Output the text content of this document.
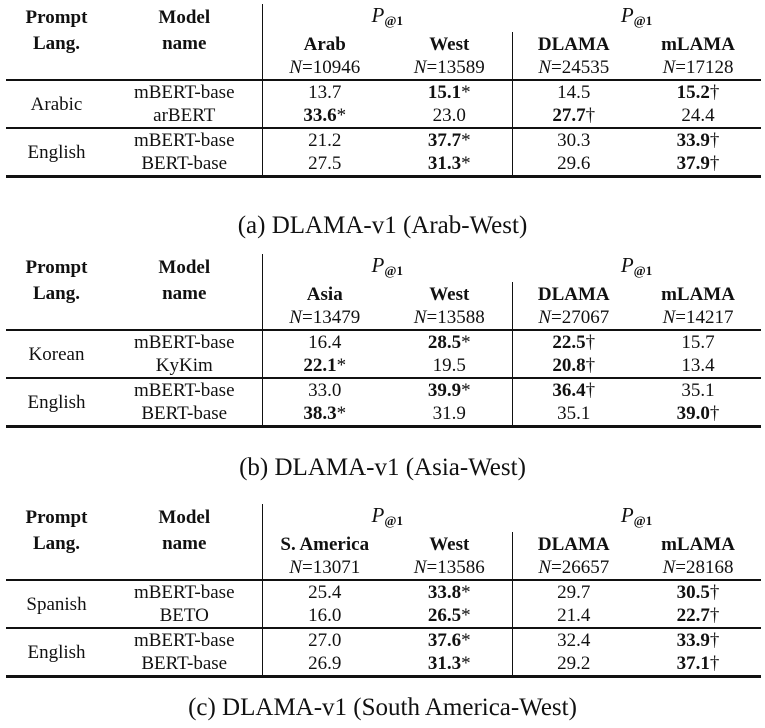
Prompt	Model	$P_{@1}$		$P_{@1}$
Lang.	name	Arab	West	DLAMA	mLAMA
		N=10946	N=13589	N=24535	N=17128
Arabic	mBERT-base	13.7	15.1*	14.5	15.2†
	arBERT	33.6*	23.0	27.7†	24.4
English	mBERT-base	21.2	37.7*	30.3	33.9†
	BERT-base	27.5	31.3*	29.6	37.9†
(a) DLAMA-v1 (Arab-West)
Prompt	Model	$P_{@1}$		$P_{@1}$
Lang.	name	Asia	West	DLAMA	mLAMA
		N=13479	N=13588	N=27067	N=14217
Korean	mBERT-base	16.4	28.5*	22.5†	15.7
	KyKim	22.1*	19.5	20.8†	13.4
English	mBERT-base	33.0	39.9*	36.4†	35.1
	BERT-base	38.3*	31.9	35.1	39.0†
(b) DLAMA-v1 (Asia-West)
Prompt	Model	$P_{@1}$		$P_{@1}$
Lang.	name	S. America	West	DLAMA	mLAMA
		N=13071	N=13586	N=26657	N=28168
Spanish	mBERT-base	25.4	33.8*	29.7	30.5†
	BETO	16.0	26.5*	21.4	22.7†
English	mBERT-base	27.0	37.6*	32.4	33.9†
	BERT-base	26.9	31.3*	29.2	37.1†
(c) DLAMA-v1 (South America-West)
